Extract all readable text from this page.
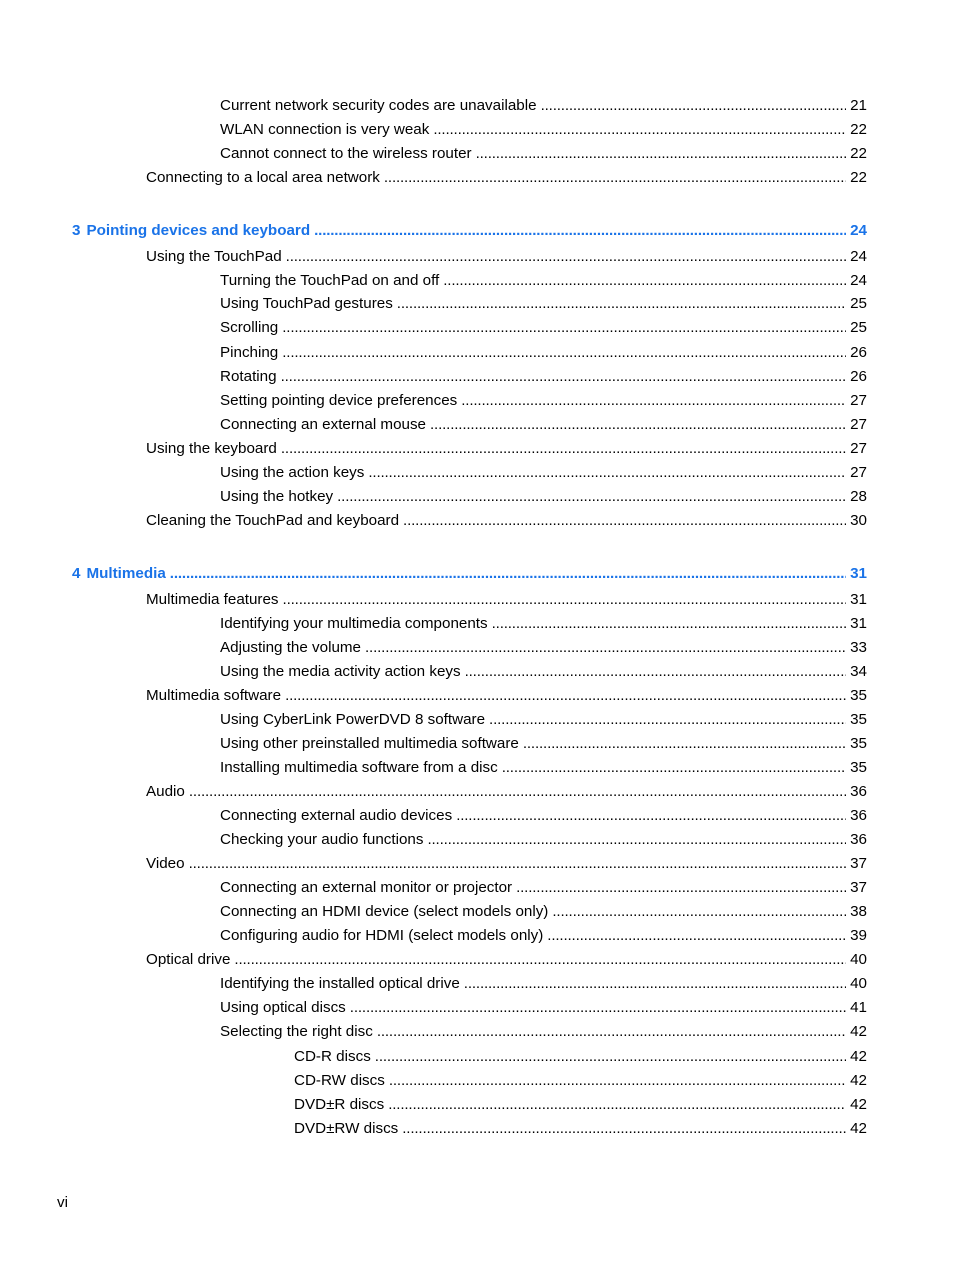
Current network security codes are unavailable . . .	21
WLAN connection is very weak . . .	22
Cannot connect to the wireless router . . .	22
Connecting to a local area network . . .	22
3 Pointing devices and keyboard . . .	24
Using the TouchPad . . .	24
Turning the TouchPad on and off . . .	24
Using TouchPad gestures . . .	25
Scrolling . . .	25
Pinching . . .	26
Rotating . . .	26
Setting pointing device preferences . . .	27
Connecting an external mouse . . .	27
Using the keyboard . . .	27
Using the action keys . . .	27
Using the hotkey . . .	28
Cleaning the TouchPad and keyboard . . .	30
4 Multimedia . . .	31
Multimedia features . . .	31
Identifying your multimedia components . . .	31
Adjusting the volume . . .	33
Using the media activity action keys . . .	34
Multimedia software . . .	35
Using CyberLink PowerDVD 8 software . . .	35
Using other preinstalled multimedia software . . .	35
Installing multimedia software from a disc . . .	35
Audio . . .	36
Connecting external audio devices . . .	36
Checking your audio functions . . .	36
Video . . .	37
Connecting an external monitor or projector . . .	37
Connecting an HDMI device (select models only) . . .	38
Configuring audio for HDMI (select models only) . . .	39
Optical drive . . .	40
Identifying the installed optical drive . . .	40
Using optical discs . . .	41
Selecting the right disc . . .	42
CD-R discs . . .	42
CD-RW discs . . .	42
DVD±R discs . . .	42
DVD±RW discs . . .	42
vi
